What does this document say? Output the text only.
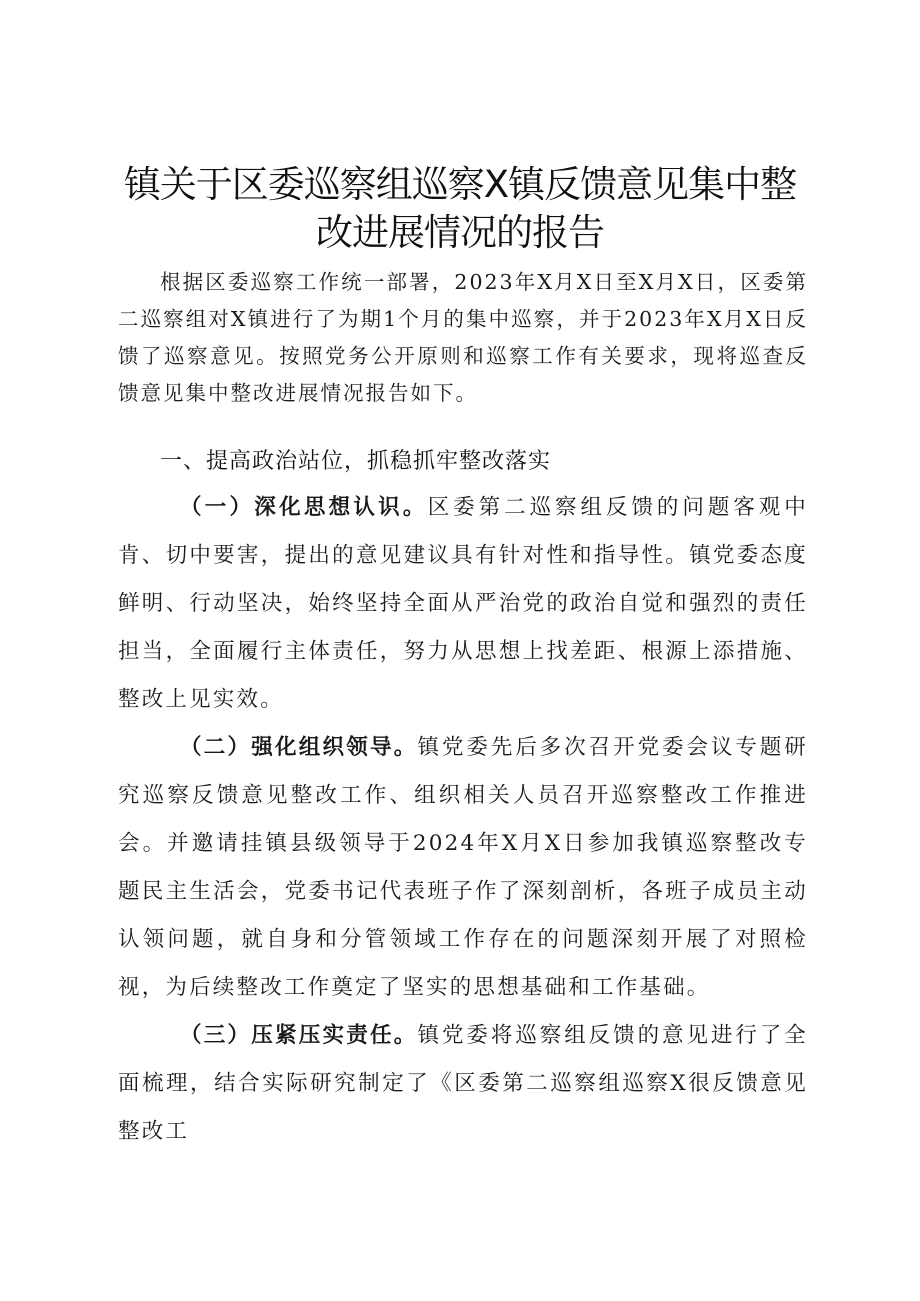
镇关于区委巡察组巡察X镇反馈意见集中整
改进展情况的报告

根据区委巡察工作统一部署，2023年X月X日至X月X日，区委第二巡察组对X镇进行了为期1个月的集中巡察，并于2023年X月X日反馈了巡察意见。按照党务公开原则和巡察工作有关要求，现将巡查反馈意见集中整改进展情况报告如下。

一、提高政治站位，抓稳抓牢整改落实

（一）深化思想认识。区委第二巡察组反馈的问题客观中肯、切中要害，提出的意见建议具有针对性和指导性。镇党委态度鲜明、行动坚决，始终坚持全面从严治党的政治自觉和强烈的责任担当，全面履行主体责任，努力从思想上找差距、根源上添措施、整改上见实效。

（二）强化组织领导。镇党委先后多次召开党委会议专题研究巡察反馈意见整改工作、组织相关人员召开巡察整改工作推进会。并邀请挂镇县级领导于2024年X月X日参加我镇巡察整改专题民主生活会，党委书记代表班子作了深刻剖析，各班子成员主动认领问题，就自身和分管领域工作存在的问题深刻开展了对照检视，为后续整改工作奠定了坚实的思想基础和工作基础。

（三）压紧压实责任。镇党委将巡察组反馈的意见进行了全面梳理，结合实际研究制定了《区委第二巡察组巡察X很反馈意见整改工
